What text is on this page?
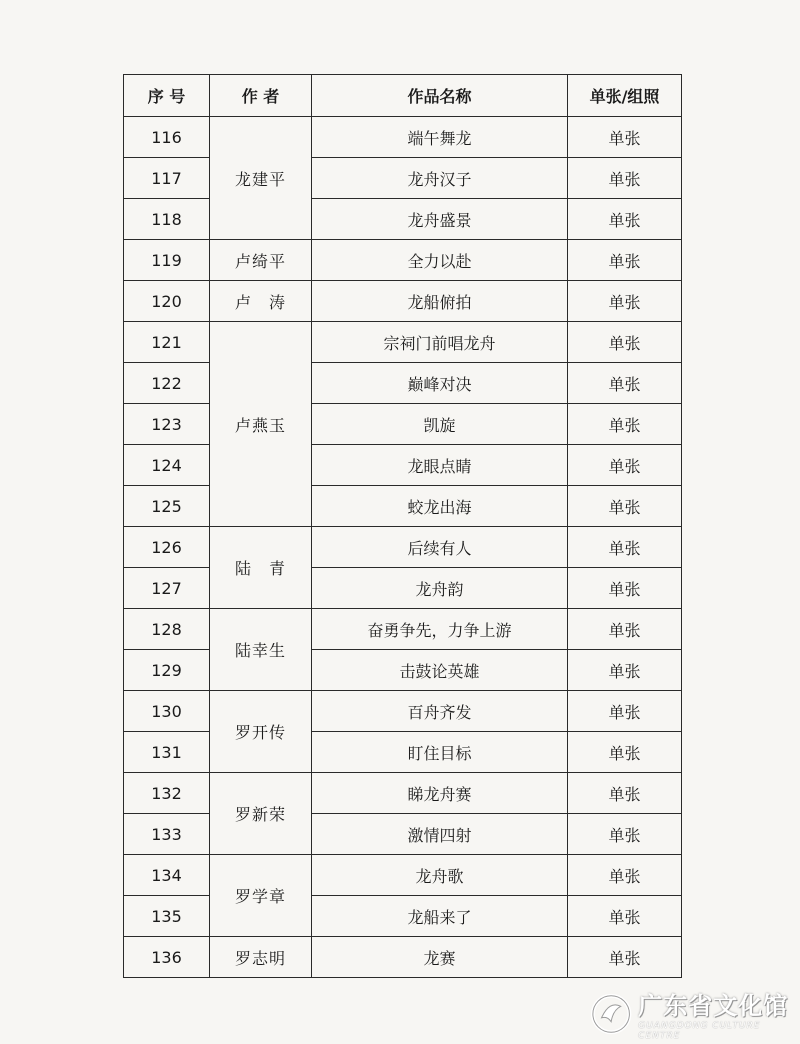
序 号	作 者	作品名称	单张/组照
116	龙建平	端午舞龙	单张
117		龙舟汉子	单张
118		龙舟盛景	单张
119	卢绮平	全力以赴	单张
120	卢　涛	龙船俯拍	单张
121	卢燕玉	宗祠门前唱龙舟	单张
122		巅峰对决	单张
123		凯旋	单张
124		龙眼点睛	单张
125		蛟龙出海	单张
126	陆　青	后续有人	单张
127		龙舟韵	单张
128	陆幸生	奋勇争先，力争上游	单张
129		击鼓论英雄	单张
130	罗开传	百舟齐发	单张
131		盯住目标	单张
132	罗新荣	睇龙舟赛	单张
133		激情四射	单张
134	罗学章	龙舟歌	单张
135		龙船来了	单张
136	罗志明	龙赛	单张
广东省文化馆
GUANGDONG CULTURE CENTRE
